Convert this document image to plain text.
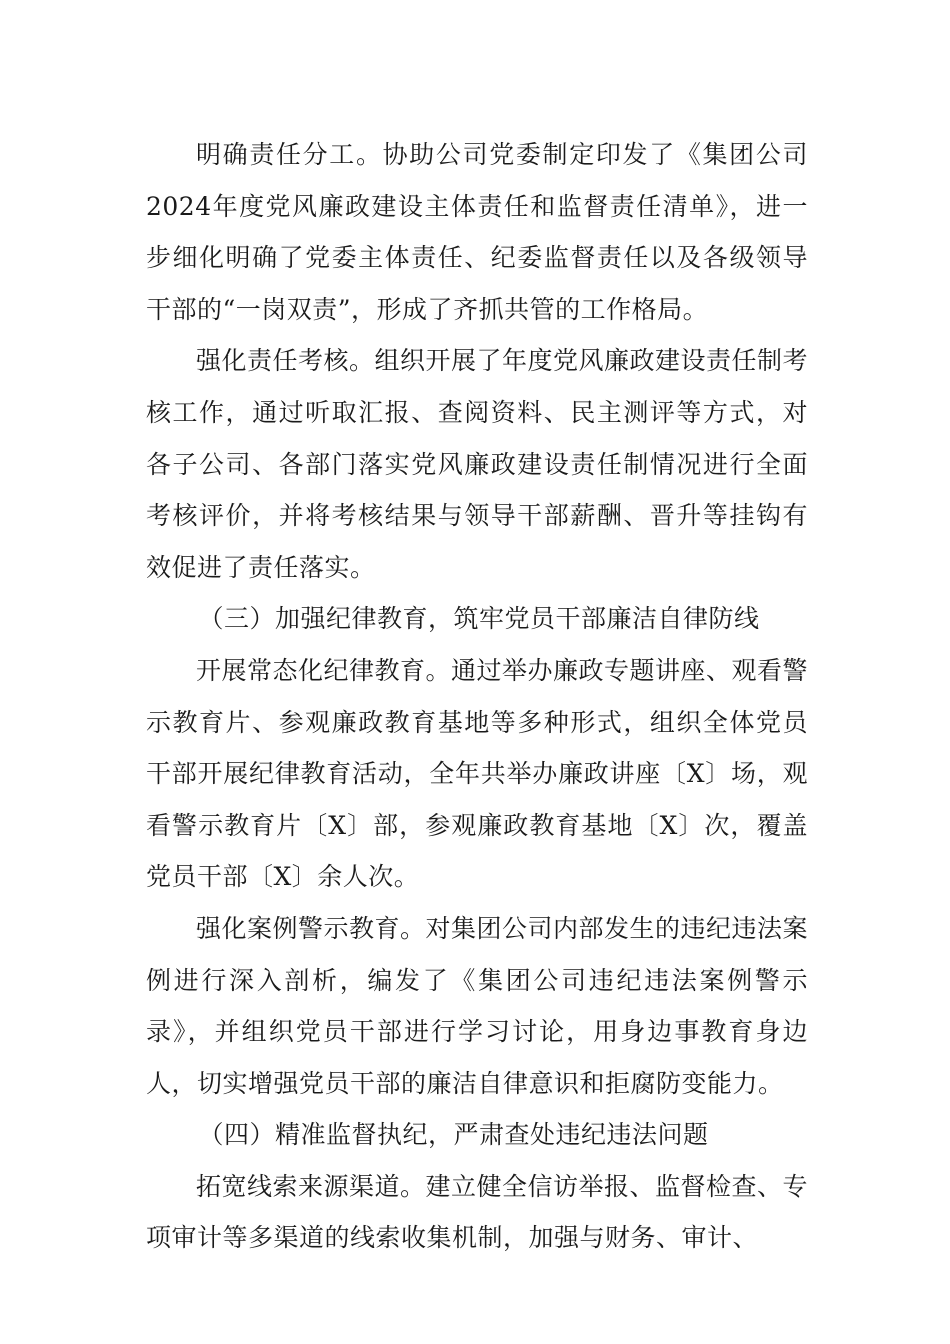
明确责任分工。协助公司党委制定印发了《集团公司2024年度党风廉政建设主体责任和监督责任清单》，进一步细化明确了党委主体责任、纪委监督责任以及各级领导干部的“一岗双责”，形成了齐抓共管的工作格局。

强化责任考核。组织开展了年度党风廉政建设责任制考核工作，通过听取汇报、查阅资料、民主测评等方式，对各子公司、各部门落实党风廉政建设责任制情况进行全面考核评价，并将考核结果与领导干部薪酬、晋升等挂钩有效促进了责任落实。

（三）加强纪律教育，筑牢党员干部廉洁自律防线

开展常态化纪律教育。通过举办廉政专题讲座、观看警示教育片、参观廉政教育基地等多种形式，组织全体党员干部开展纪律教育活动，全年共举办廉政讲座〔X〕场，观看警示教育片〔X〕部，参观廉政教育基地〔X〕次，覆盖党员干部〔X〕余人次。

强化案例警示教育。对集团公司内部发生的违纪违法案例进行深入剖析，编发了《集团公司违纪违法案例警示录》，并组织党员干部进行学习讨论，用身边事教育身边人，切实增强党员干部的廉洁自律意识和拒腐防变能力。

（四）精准监督执纪，严肃查处违纪违法问题

拓宽线索来源渠道。建立健全信访举报、监督检查、专项审计等多渠道的线索收集机制，加强与财务、审计、
